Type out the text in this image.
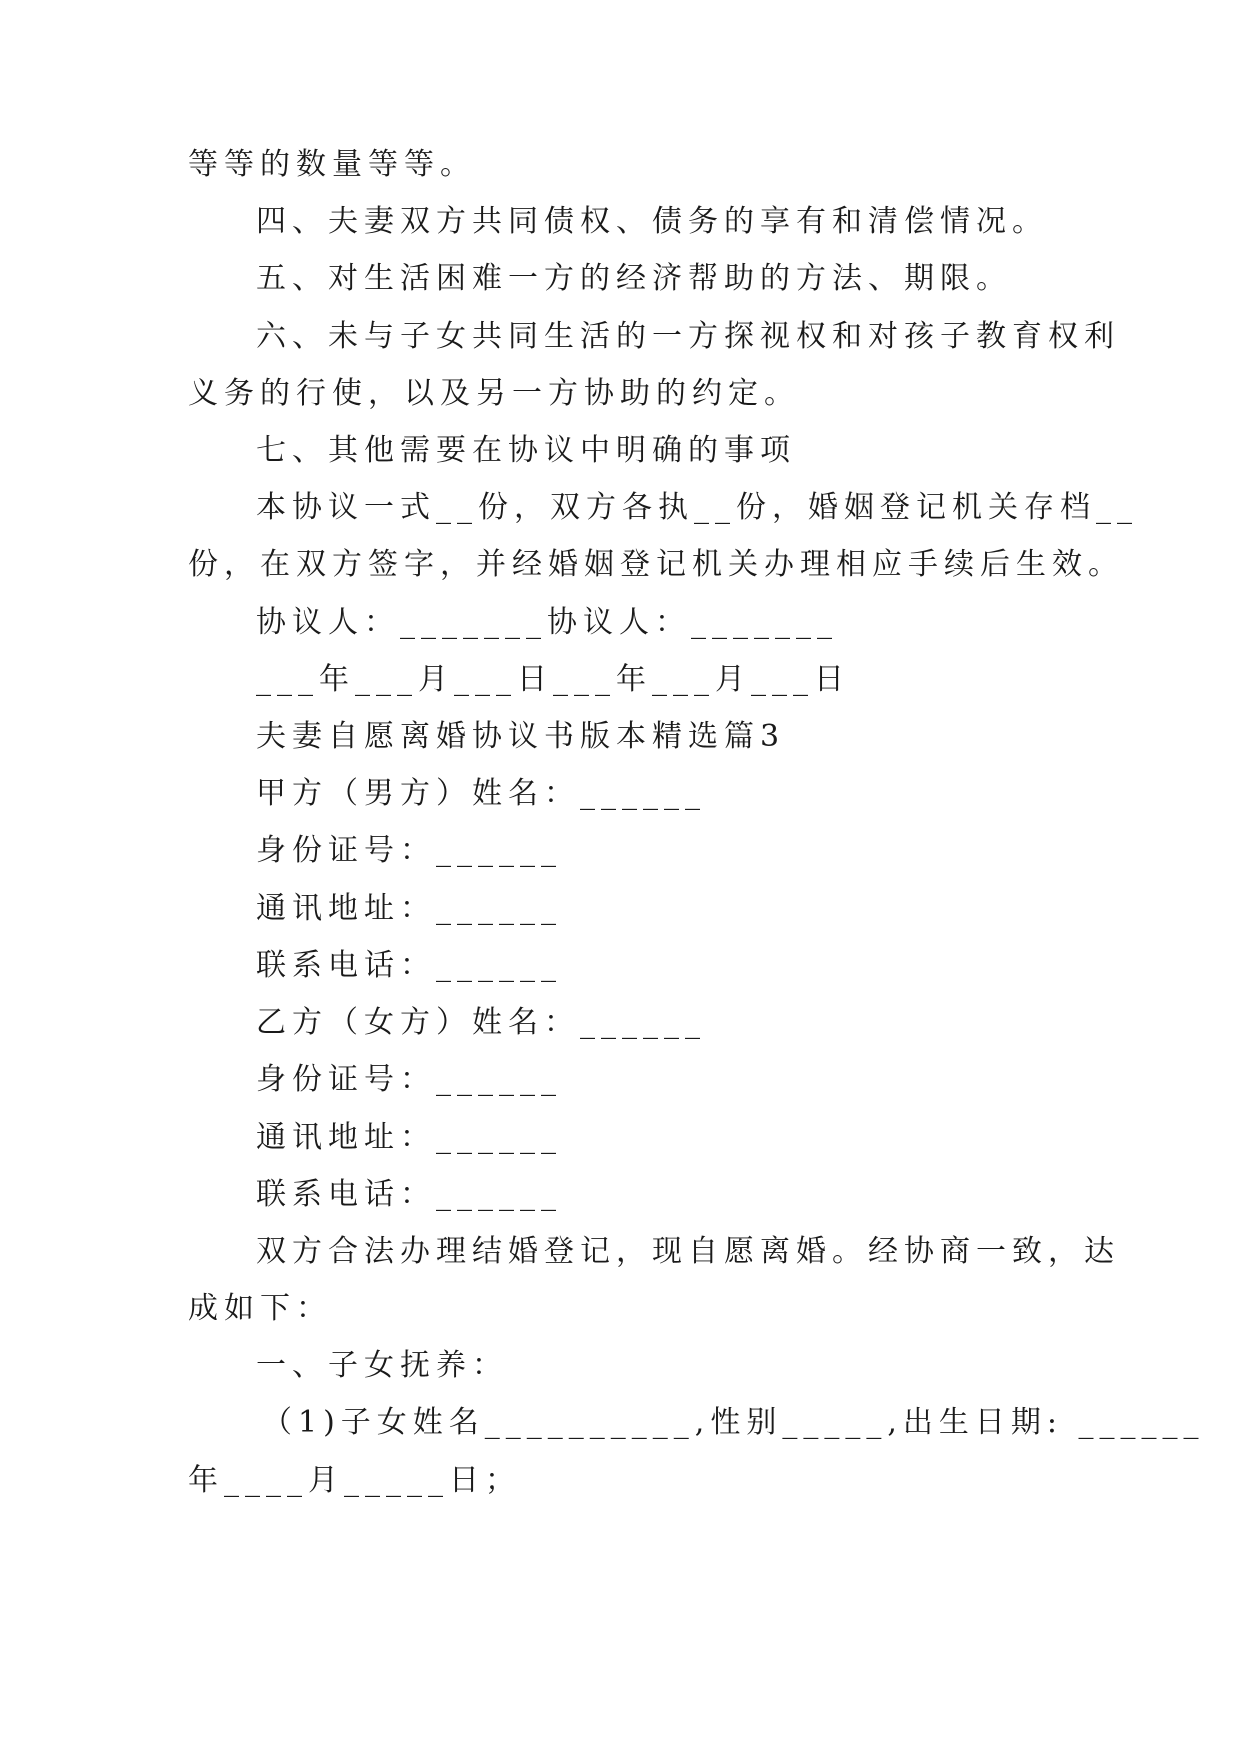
等等的数量等等。
四、夫妻双方共同债权、债务的享有和清偿情况。
五、对生活困难一方的经济帮助的方法、期限。
六、未与子女共同生活的一方探视权和对孩子教育权利
义务的行使，以及另一方协助的约定。
七、其他需要在协议中明确的事项
本协议一式__份，双方各执__份，婚姻登记机关存档__
份，在双方签字，并经婚姻登记机关办理相应手续后生效。
协议人：_______协议人：_______
___年___月___日___年___月___日
夫妻自愿离婚协议书版本精选篇3
甲方（男方）姓名：______
身份证号：______
通讯地址：______
联系电话：______
乙方（女方）姓名：______
身份证号：______
通讯地址：______
联系电话：______
双方合法办理结婚登记，现自愿离婚。经协商一致，达
成如下：
一、子女抚养：
（1)子女姓名__________,性别_____,出生日期: ______
年____月_____日；
